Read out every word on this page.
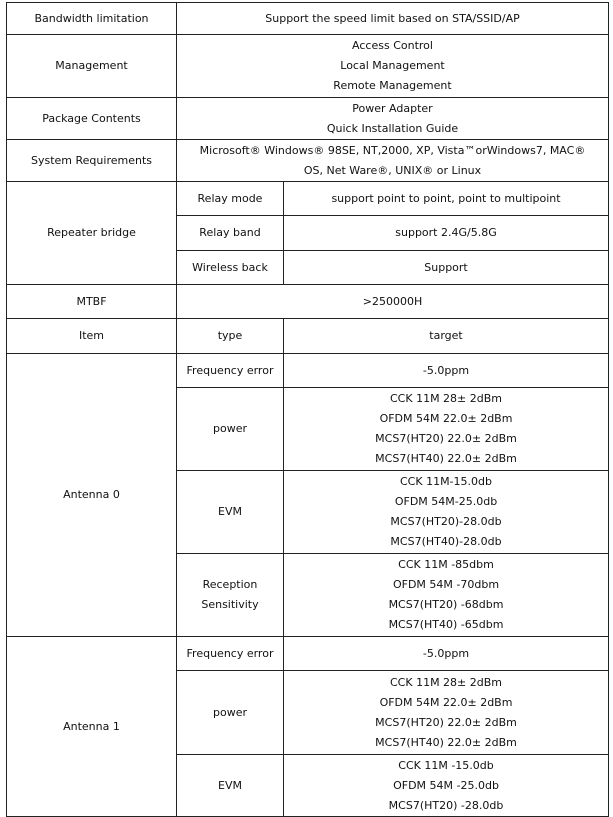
Bandwidth limitation	Support the speed limit based on STA/SSID/AP	
Management	Access Control
Local Management
Remote Management	

Package Contents	Power Adapter
Quick Installation Guide	

System Requirements	Microsoft® Windows® 98SE, NT,2000, XP, Vista™orWindows7, MAC®
OS, Net Ware®, UNIX® or Linux	

Repeater bridge	Relay mode	support point to point, point to multipoint
	Relay band	support 2.4G/5.8G
	Wireless back	Support
MTBF	>250000H	
Item	type	target
Antenna 0	Frequency error	-5.0ppm
	power	CCK 11M 28± 2dBm
OFDM 54M 22.0± 2dBm
MCS7(HT20) 22.0± 2dBm
MCS7(HT40) 22.0± 2dBm

	EVM	CCK 11M-15.0db
OFDM 54M-25.0db
MCS7(HT20)-28.0db
MCS7(HT40)-28.0db

	Reception
Sensitivity	CCK 11M -85dbm
OFDM 54M -70dbm
MCS7(HT20) -68dbm
MCS7(HT40) -65dbm

Antenna 1	Frequency error	-5.0ppm
	power	CCK 11M 28± 2dBm
OFDM 54M 22.0± 2dBm
MCS7(HT20) 22.0± 2dBm
MCS7(HT40) 22.0± 2dBm

	EVM	CCK 11M -15.0db
OFDM 54M -25.0db
MCS7(HT20) -28.0db
